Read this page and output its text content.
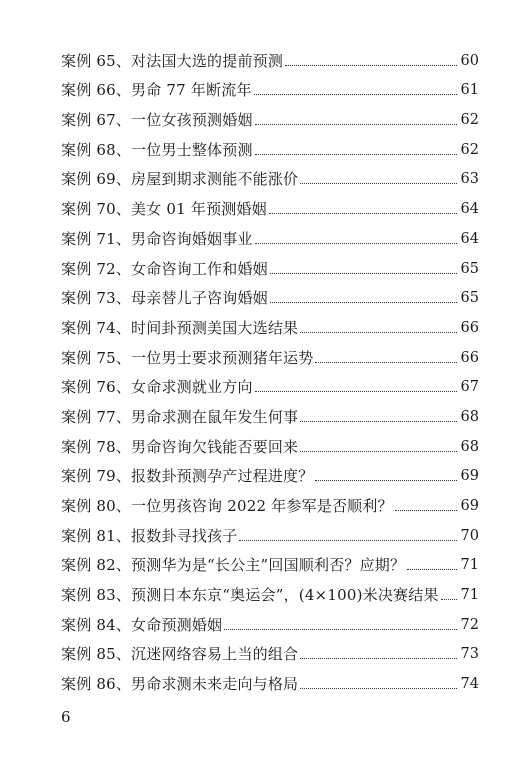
案例 65、对法国大选的提前预测	60
案例 66、男命 77 年断流年	61
案例 67、一位女孩预测婚姻	62
案例 68、一位男士整体预测	62
案例 69、房屋到期求测能不能涨价	63
案例 70、美女 01 年预测婚姻	64
案例 71、男命咨询婚姻事业	64
案例 72、女命咨询工作和婚姻	65
案例 73、母亲替儿子咨询婚姻	65
案例 74、时间卦预测美国大选结果	66
案例 75、一位男士要求预测猪年运势	66
案例 76、女命求测就业方向	67
案例 77、男命求测在鼠年发生何事	68
案例 78、男命咨询欠钱能否要回来	68
案例 79、报数卦预测孕产过程进度？	69
案例 80、一位男孩咨询 2022 年参军是否顺利？	69
案例 81、报数卦寻找孩子	70
案例 82、预测华为是“长公主”回国顺利否？应期？	71
案例 83、预测日本东京“奥运会”，(4×100)米决赛结果 71
案例 84、女命预测婚姻	72
案例 85、沉迷网络容易上当的组合	73
案例 86、男命求测未来走向与格局	74
6
